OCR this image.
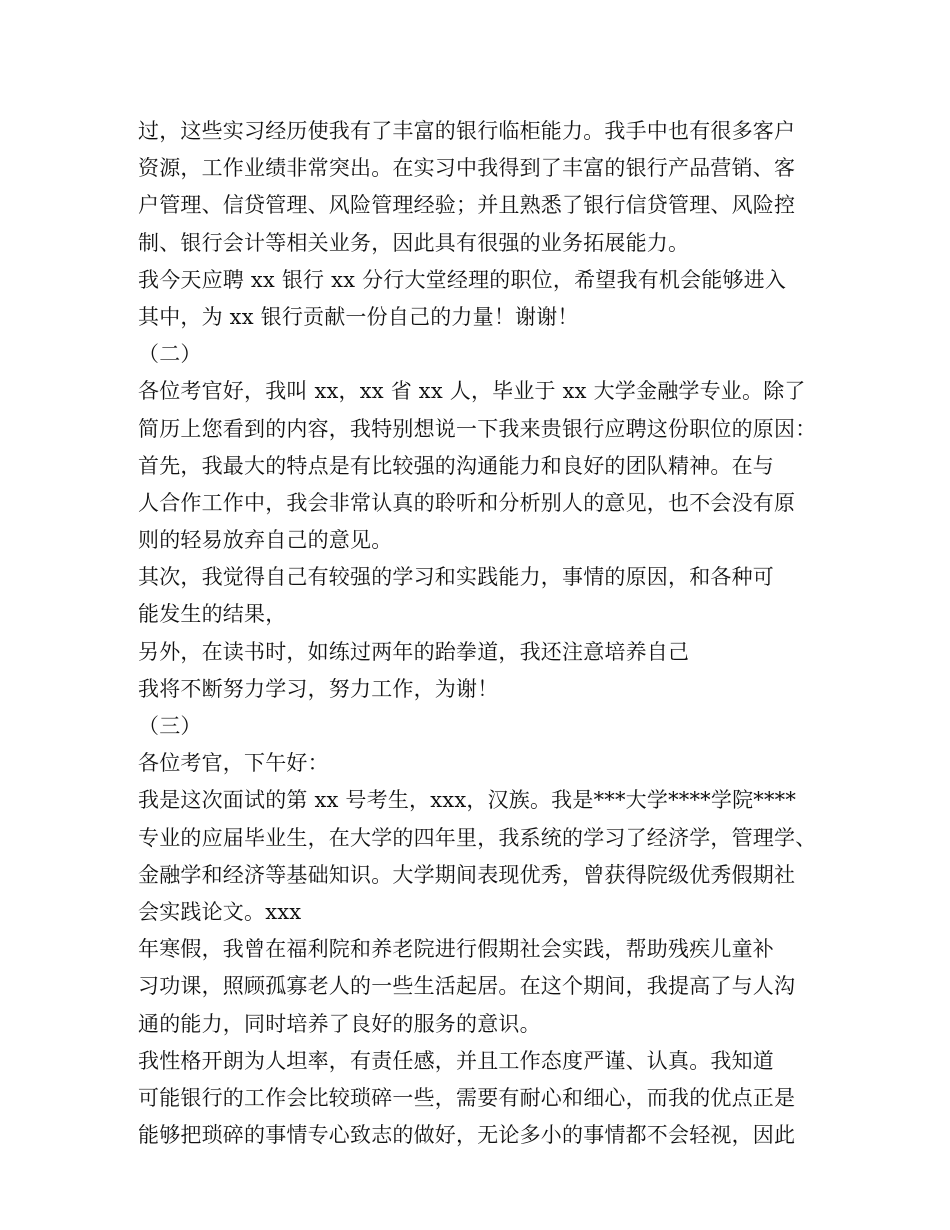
过，这些实习经历使我有了丰富的银行临柜能力。我手中也有很多客户
资源，工作业绩非常突出。在实习中我得到了丰富的银行产品营销、客
户管理、信贷管理、风险管理经验；并且熟悉了银行信贷管理、风险控
制、银行会计等相关业务，因此具有很强的业务拓展能力。
我今天应聘 xx 银行 xx 分行大堂经理的职位，希望我有机会能够进入
其中，为 xx 银行贡献一份自己的力量！谢谢！
（二）
各位考官好，我叫 xx，xx 省 xx 人，毕业于 xx 大学金融学专业。除了
简历上您看到的内容，我特别想说一下我来贵银行应聘这份职位的原因：
首先，我最大的特点是有比较强的沟通能力和良好的团队精神。在与
人合作工作中，我会非常认真的聆听和分析别人的意见，也不会没有原
则的轻易放弃自己的意见。
其次，我觉得自己有较强的学习和实践能力，事情的原因，和各种可
能发生的结果，
另外，在读书时，如练过两年的跆拳道，我还注意培养自己
我将不断努力学习，努力工作，为谢！
（三）
各位考官，下午好：
我是这次面试的第 xx 号考生，xxx，汉族。我是***大学****学院****
专业的应届毕业生，在大学的四年里，我系统的学习了经济学，管理学、
金融学和经济等基础知识。大学期间表现优秀，曾获得院级优秀假期社
会实践论文。xxx
年寒假，我曾在福利院和养老院进行假期社会实践，帮助残疾儿童补
习功课，照顾孤寡老人的一些生活起居。在这个期间，我提高了与人沟
通的能力，同时培养了良好的服务的意识。
我性格开朗为人坦率，有责任感，并且工作态度严谨、认真。我知道
可能银行的工作会比较琐碎一些，需要有耐心和细心，而我的优点正是
能够把琐碎的事情专心致志的做好，无论多小的事情都不会轻视，因此
